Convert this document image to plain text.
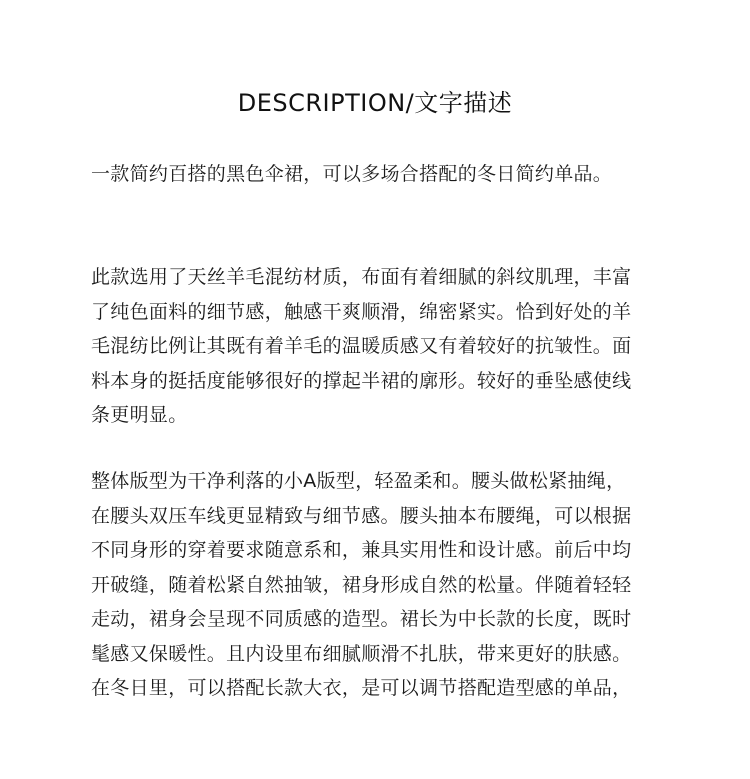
DESCRIPTION/文字描述
一款简约百搭的黑色伞裙，可以多场合搭配的冬日简约单品。
此款选用了天丝羊毛混纺材质，布面有着细腻的斜纹肌理，丰富
了纯色面料的细节感，触感干爽顺滑，绵密紧实。恰到好处的羊
毛混纺比例让其既有着羊毛的温暖质感又有着较好的抗皱性。面
料本身的挺括度能够很好的撑起半裙的廓形。较好的垂坠感使线
条更明显。
整体版型为干净利落的小A版型，轻盈柔和。腰头做松紧抽绳，
在腰头双压车线更显精致与细节感。腰头抽本布腰绳，可以根据
不同身形的穿着要求随意系和，兼具实用性和设计感。前后中均
开破缝，随着松紧自然抽皱，裙身形成自然的松量。伴随着轻轻
走动，裙身会呈现不同质感的造型。裙长为中长款的长度，既时
髦感又保暖性。且内设里布细腻顺滑不扎肤，带来更好的肤感。
在冬日里，可以搭配长款大衣，是可以调节搭配造型感的单品，
